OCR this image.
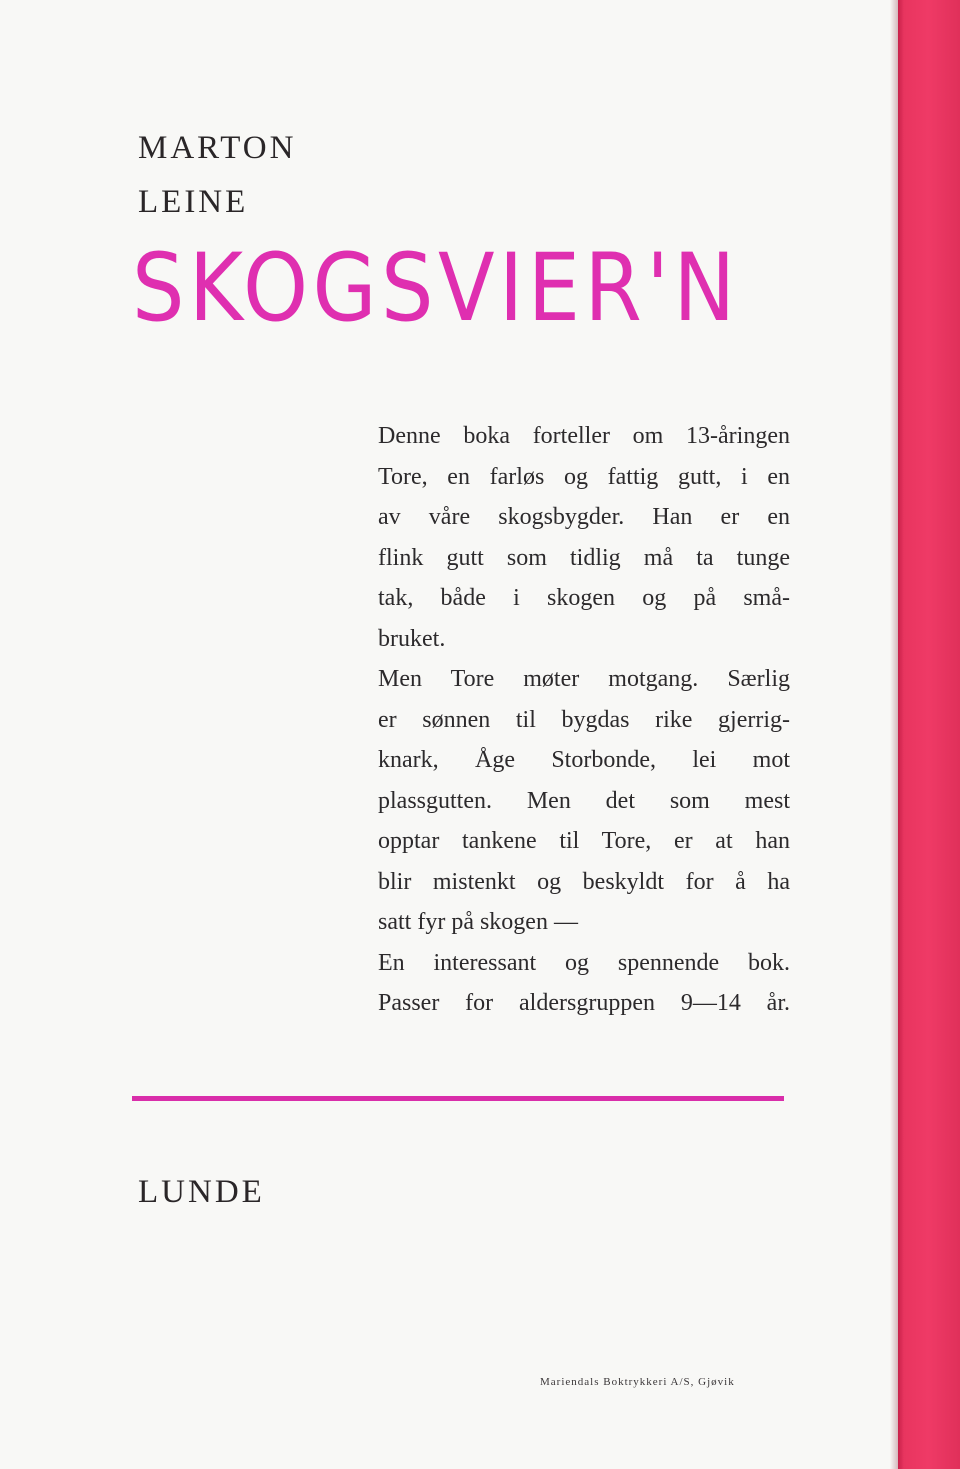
MARTON

LEINE

SKOGSVIER'N
Denne boka forteller om 13-åringen
Tore, en farløs og fattig gutt, i en
av våre skogsbygder. Han er en
flink gutt som tidlig må ta tunge
tak, både i skogen og på små-
bruket.
Men Tore møter motgang. Særlig
er sønnen til bygdas rike gjerrig-
knark, Åge Storbonde, lei mot
plassgutten. Men det som mest
opptar tankene til Tore, er at han
blir mistenkt og beskyldt for å ha
satt fyr på skogen —
En interessant og spennende bok.
Passer for aldersgruppen 9—14 år.

LUNDE

Mariendals Boktrykkeri A/S, Gjøvik
